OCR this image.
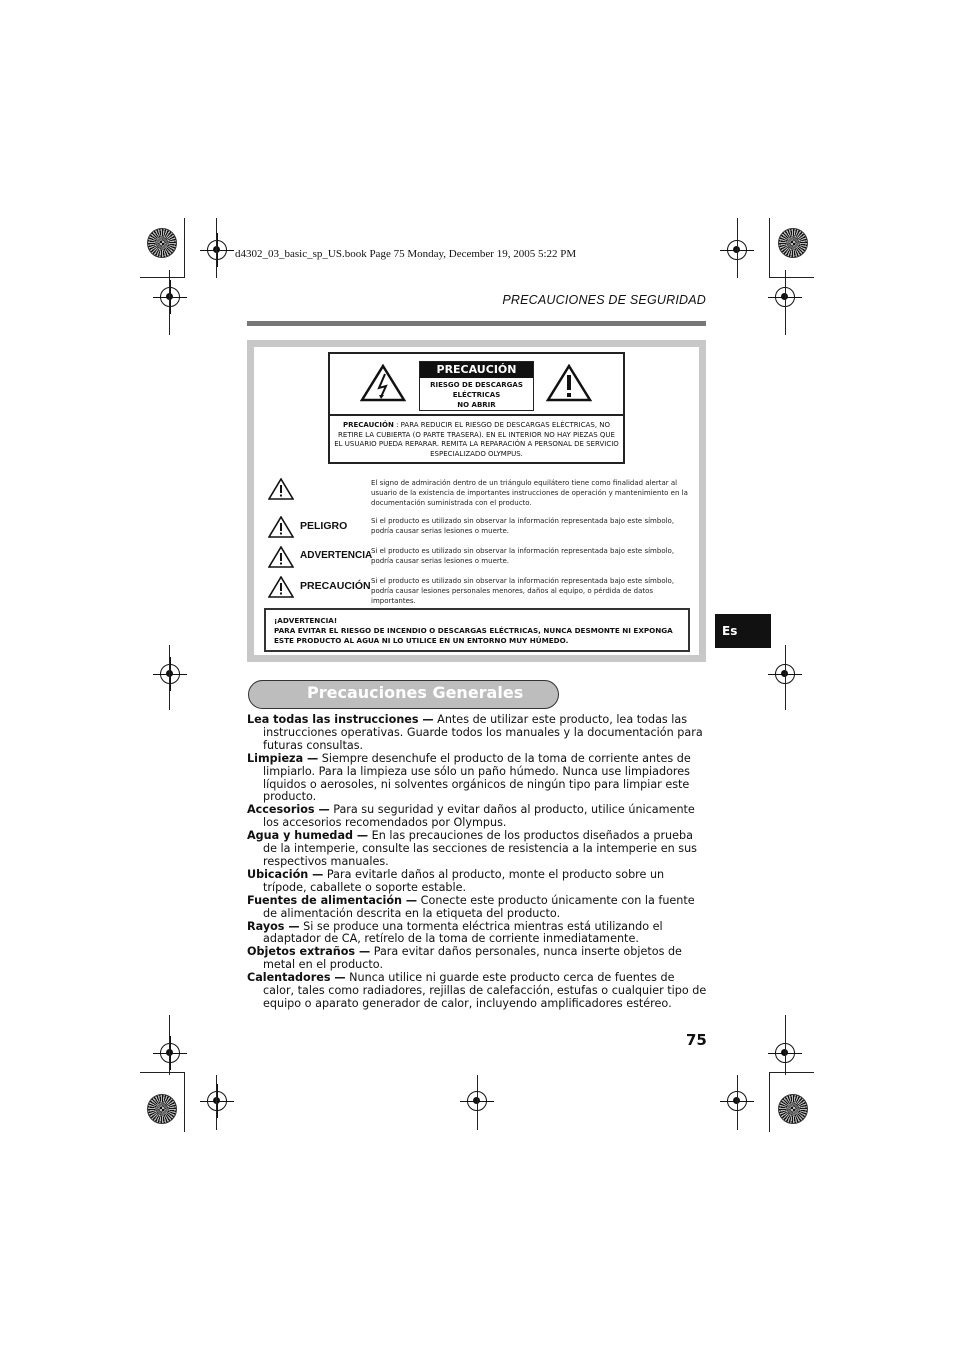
d4302_03_basic_sp_US.book Page 75 Monday, December 19, 2005 5:22 PM
PRECAUCIONES DE SEGURIDAD
PRECAUCIÓN
RIESGO DE DESCARGAS
ELÉCTRICAS
NO ABRIR
PRECAUCIÓN : PARA REDUCIR EL RIESGO DE DESCARGAS ELÉCTRICAS, NO RETIRE LA CUBIERTA (O PARTE TRASERA). EN EL INTERIOR NO HAY PIEZAS QUE EL USUARIO PUEDA REPARAR. REMITA LA REPARACIÓN A PERSONAL DE SERVICIO ESPECIALIZADO OLYMPUS.
El signo de admiración dentro de un triángulo equilátero tiene como finalidad alertar al usuario de la existencia de importantes instrucciones de operación y mantenimiento en la documentación suministrada con el producto.
PELIGRO	Si el producto es utilizado sin observar la información representada bajo este símbolo, podría causar serias lesiones o muerte.
ADVERTENCIA
Si el producto es utilizado sin observar la información representada bajo este símbolo, podría causar serias lesiones o muerte.
PRECAUCIÓN Si el producto es utilizado sin observar la información representada bajo este símbolo, podría causar lesiones personales menores, daños al equipo, o pérdida de datos importantes.
¡ADVERTENCIA!
PARA EVITAR EL RIESGO DE INCENDIO O DESCARGAS ELÉCTRICAS, NUNCA DESMONTE NI EXPONGA ESTE PRODUCTO AL AGUA NI LO UTILICE EN UN ENTORNO MUY HÚMEDO.
Es
Precauciones Generales

Lea todas las instrucciones — Antes de utilizar este producto, lea todas las instrucciones operativas. Guarde todos los manuales y la documentación para futuras consultas.

Limpieza — Siempre desenchufe el producto de la toma de corriente antes de limpiarlo. Para la limpieza use sólo un paño húmedo. Nunca use limpiadores líquidos o aerosoles, ni solventes orgánicos de ningún tipo para limpiar este producto.

Accesorios — Para su seguridad y evitar daños al producto, utilice únicamente los accesorios recomendados por Olympus.

Agua y humedad — En las precauciones de los productos diseñados a prueba de la intemperie, consulte las secciones de resistencia a la intemperie en sus respectivos manuales.

Ubicación — Para evitarle daños al producto, monte el producto sobre un trípode, caballete o soporte estable.

Fuentes de alimentación — Conecte este producto únicamente con la fuente de alimentación descrita en la etiqueta del producto.

Rayos — Si se produce una tormenta eléctrica mientras está utilizando el adaptador de CA, retírelo de la toma de corriente inmediatamente.

Objetos extraños — Para evitar daños personales, nunca inserte objetos de metal en el producto.

Calentadores — Nunca utilice ni guarde este producto cerca de fuentes de calor, tales como radiadores, rejillas de calefacción, estufas o cualquier tipo de equipo o aparato generador de calor, incluyendo amplificadores estéreo.

75
